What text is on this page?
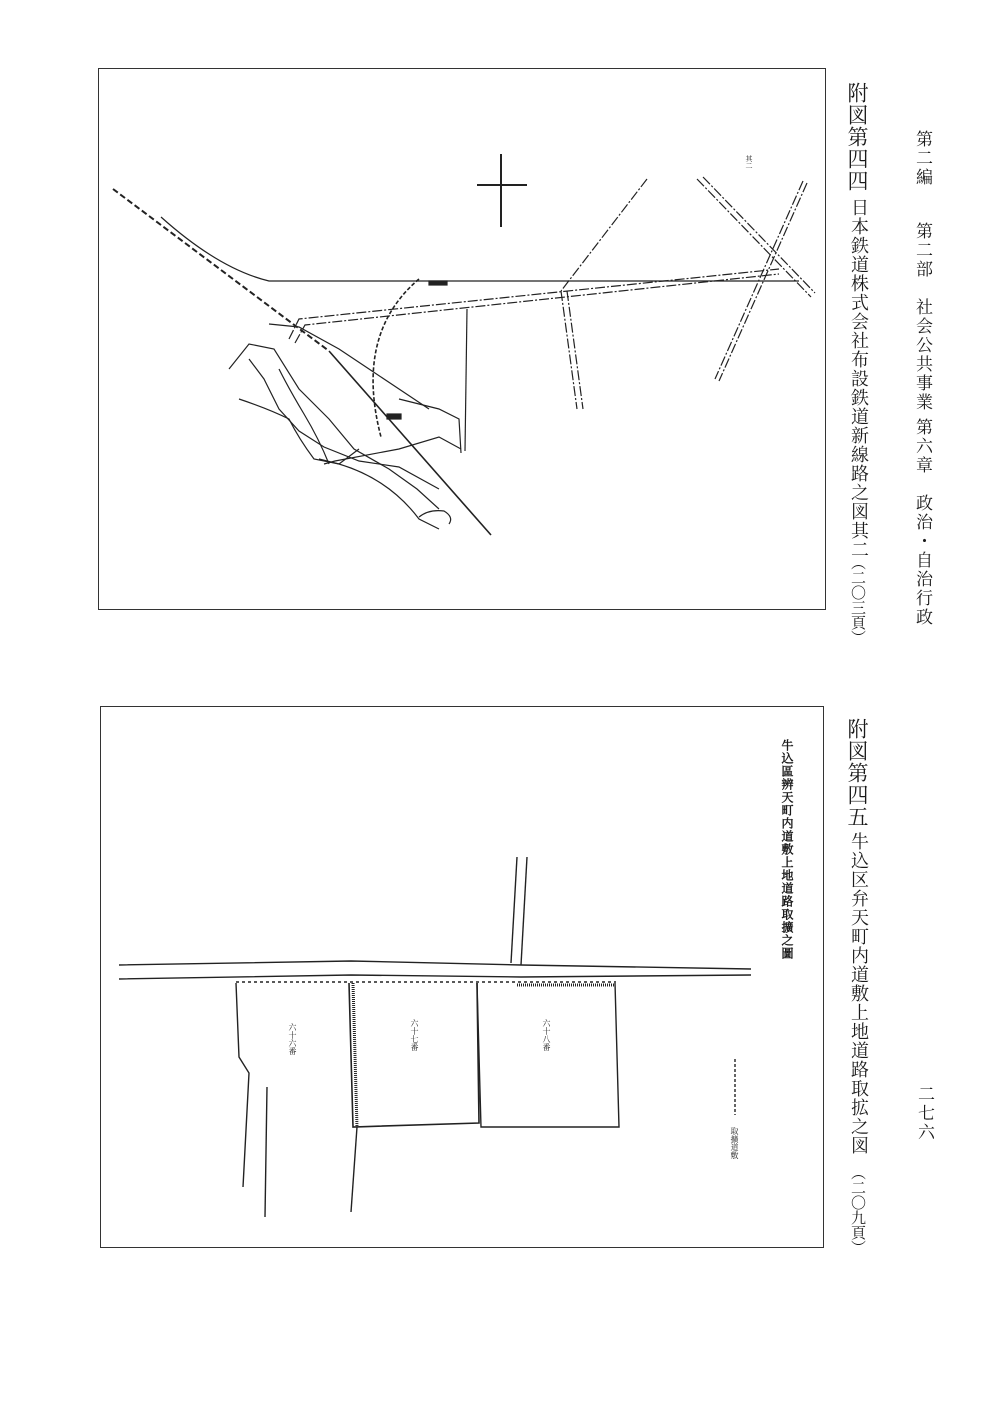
第二編
第二部　社会公共事業
第六章　政治・自治行政
二七六
附図第四四
日本鉄道株式会社布設鉄道新線路之図其二
（二〇三頁）
其二
附図第四五
牛込区弁天町内道敷上地道路取拡之図
（二〇九頁）
牛込區辨天町内道敷上地道路取擴之圖
六十六番	六十七番	六十八番
取擴道敷
